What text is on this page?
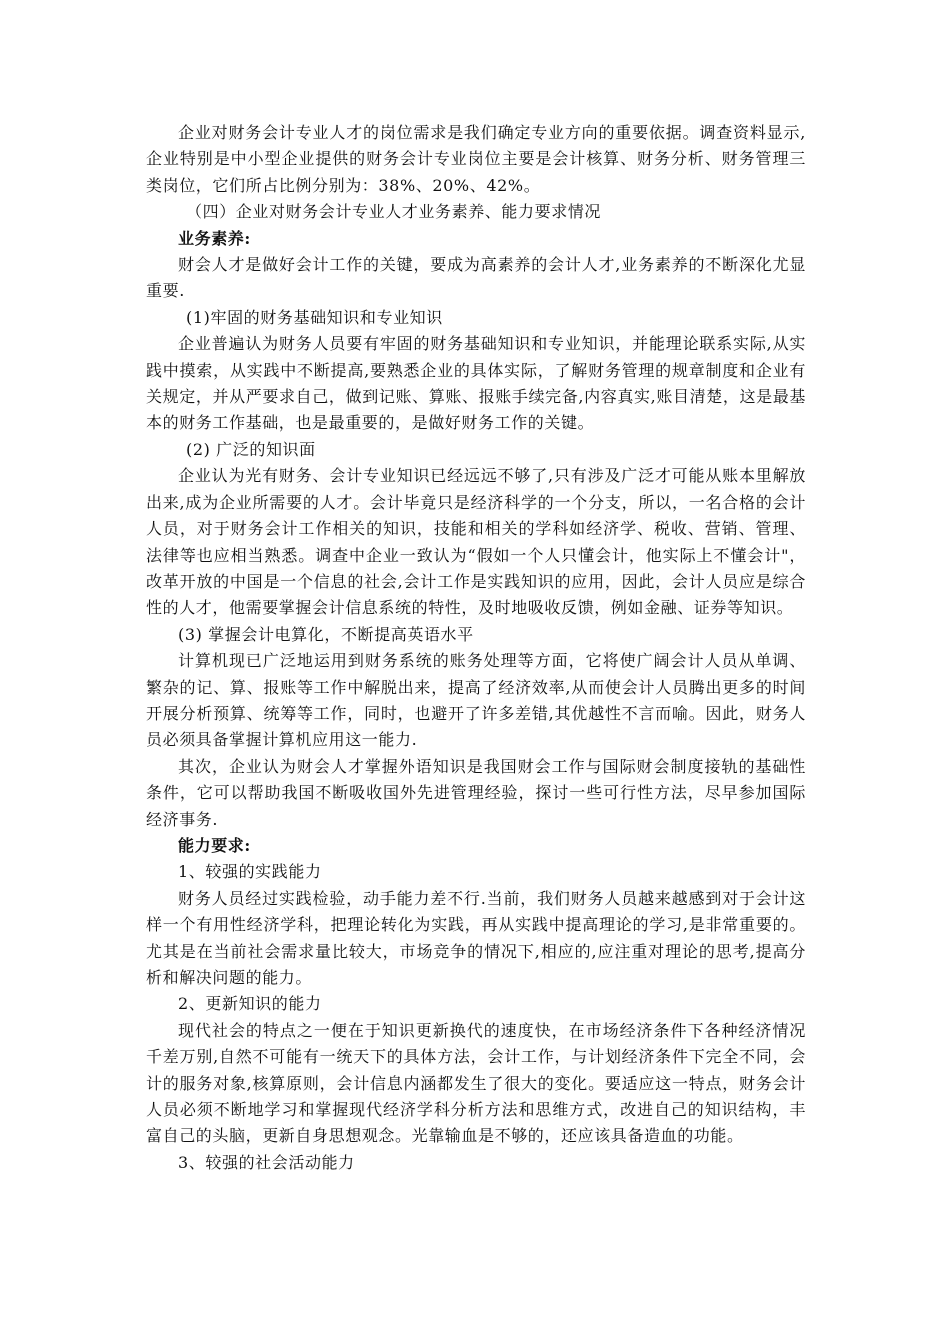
企业对财务会计专业人才的岗位需求是我们确定专业方向的重要依据。调查资料显示,企业特别是中小型企业提供的财务会计专业岗位主要是会计核算、财务分析、财务管理三类岗位，它们所占比例分别为：38%、20%、42%。

（四）企业对财务会计专业人才业务素养、能力要求情况

业务素养:

财会人才是做好会计工作的关键，要成为高素养的会计人才,业务素养的不断深化尤显重要.

(1)牢固的财务基础知识和专业知识

企业普遍认为财务人员要有牢固的财务基础知识和专业知识，并能理论联系实际,从实践中摸索，从实践中不断提高,要熟悉企业的具体实际，了解财务管理的规章制度和企业有关规定，并从严要求自己，做到记账、算账、报账手续完备,内容真实,账目清楚，这是最基本的财务工作基础，也是最重要的，是做好财务工作的关键。

(2) 广泛的知识面

企业认为光有财务、会计专业知识已经远远不够了,只有涉及广泛才可能从账本里解放出来,成为企业所需要的人才。会计毕竟只是经济科学的一个分支，所以，一名合格的会计人员，对于财务会计工作相关的知识，技能和相关的学科如经济学、税收、营销、管理、法律等也应相当熟悉。调查中企业一致认为“假如一个人只懂会计，他实际上不懂会计"，改革开放的中国是一个信息的社会,会计工作是实践知识的应用，因此，会计人员应是综合性的人才，他需要掌握会计信息系统的特性，及时地吸收反馈，例如金融、证券等知识。

(3) 掌握会计电算化，不断提高英语水平

计算机现已广泛地运用到财务系统的账务处理等方面，它将使广阔会计人员从单调、繁杂的记、算、报账等工作中解脱出来，提高了经济效率,从而使会计人员腾出更多的时间开展分析预算、统筹等工作，同时，也避开了许多差错,其优越性不言而喻。因此，财务人员必须具备掌握计算机应用这一能力.

其次，企业认为财会人才掌握外语知识是我国财会工作与国际财会制度接轨的基础性条件，它可以帮助我国不断吸收国外先进管理经验，探讨一些可行性方法，尽早参加国际经济事务.

能力要求:

1、较强的实践能力

财务人员经过实践检验，动手能力差不行.当前，我们财务人员越来越感到对于会计这样一个有用性经济学科，把理论转化为实践，再从实践中提高理论的学习,是非常重要的。尤其是在当前社会需求量比较大，市场竞争的情况下,相应的,应注重对理论的思考,提高分析和解决问题的能力。

2、更新知识的能力

现代社会的特点之一便在于知识更新换代的速度快，在市场经济条件下各种经济情况千差万别,自然不可能有一统天下的具体方法，会计工作，与计划经济条件下完全不同，会计的服务对象,核算原则，会计信息内涵都发生了很大的变化。要适应这一特点，财务会计人员必须不断地学习和掌握现代经济学科分析方法和思维方式，改进自己的知识结构，丰富自己的头脑，更新自身思想观念。光靠输血是不够的，还应该具备造血的功能。

3、较强的社会活动能力
